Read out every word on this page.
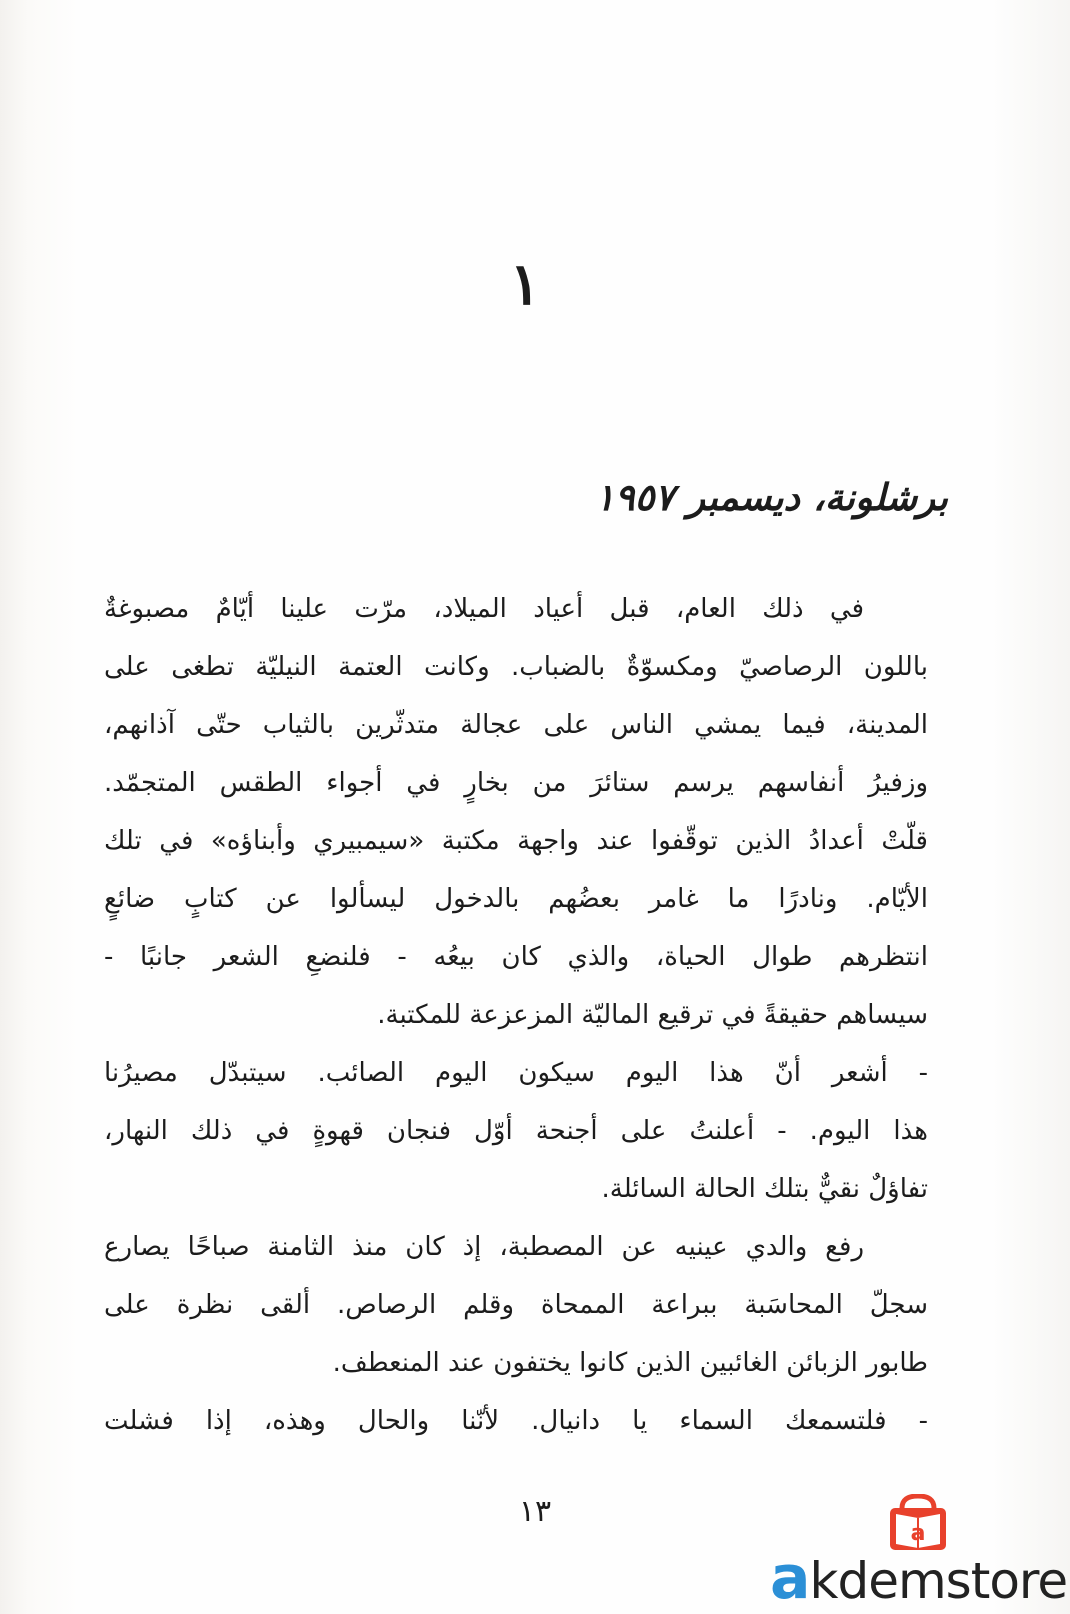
١
برشلونة، ديسمبر ١٩٥٧
في ذلك العام، قبل أعياد الميلاد، مرّت علينا أيّامٌ مصبوغةٌ
باللون الرصاصيّ ومكسوّةٌ بالضباب. وكانت العتمة النيليّة تطغى على
المدينة، فيما يمشي الناس على عجالة متدثّرين بالثياب حتّى آذانهم،
وزفيرُ أنفاسهم يرسم ستائرَ من بخارٍ في أجواء الطقس المتجمّد.
قلّتْ أعدادُ الذين توقّفوا عند واجهة مكتبة «سيمبيري وأبناؤه» في تلك
الأيّام. ونادرًا ما غامر بعضُهم بالدخول ليسألوا عن كتابٍ ضائعٍ
انتظرهم طوال الحياة، والذي كان بيعُه - فلنضعِ الشعر جانبًا -
سيساهم حقيقةً في ترقيع الماليّة المزعزعة للمكتبة.
- أشعر أنّ هذا اليوم سيكون اليوم الصائب. سيتبدّل مصيرُنا
هذا اليوم. - أعلنتُ على أجنحة أوّل فنجان قهوةٍ في ذلك النهار،
تفاؤلٌ نقيٌّ بتلك الحالة السائلة.
رفع والدي عينيه عن المصطبة، إذ كان منذ الثامنة صباحًا يصارع
سجلّ المحاسَبة ببراعة الممحاة وقلم الرصاص. ألقى نظرة على
طابور الزبائن الغائبين الذين كانوا يختفون عند المنعطف.
- فلتسمعك السماء يا دانيال. لأنّنا والحال وهذه، إذا فشلت
١٣
a
akdemstore
